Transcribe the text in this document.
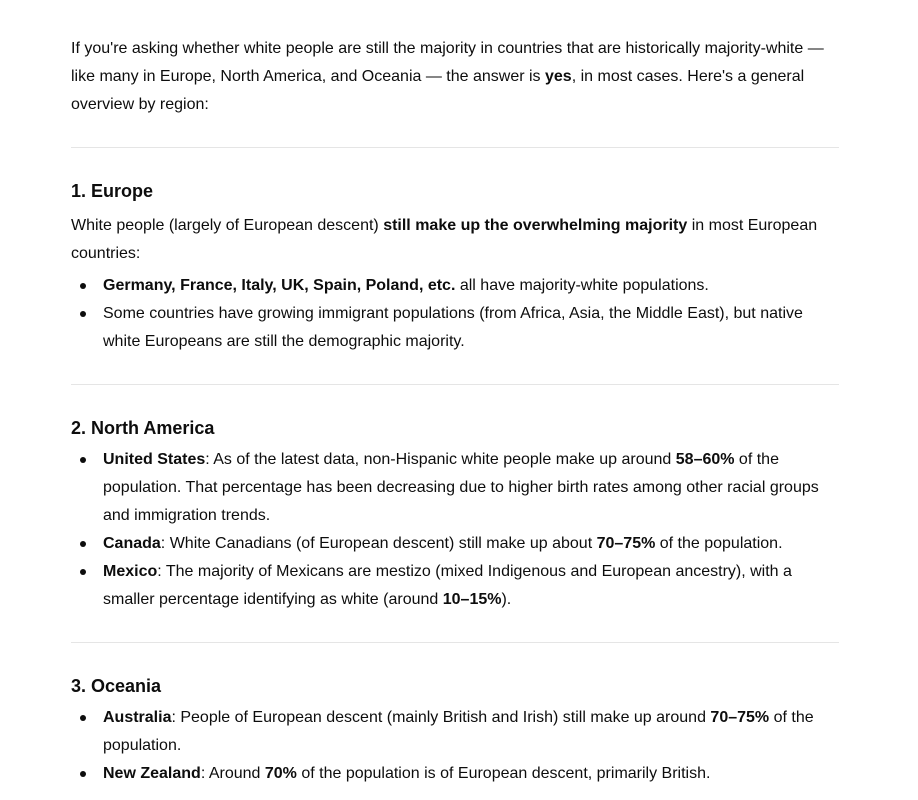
If you're asking whether white people are still the majority in countries that are historically majority-white — like many in Europe, North America, and Oceania — the answer is yes, in most cases. Here's a general overview by region:

1. Europe

White people (largely of European descent) still make up the overwhelming majority in most European countries:

Germany, France, Italy, UK, Spain, Poland, etc. all have majority-white populations.
Some countries have growing immigrant populations (from Africa, Asia, the Middle East), but native white Europeans are still the demographic majority.
2. North America
United States: As of the latest data, non-Hispanic white people make up around 58–60% of the population. That percentage has been decreasing due to higher birth rates among other racial groups and immigration trends.
Canada: White Canadians (of European descent) still make up about 70–75% of the population.
Mexico: The majority of Mexicans are mestizo (mixed Indigenous and European ancestry), with a smaller percentage identifying as white (around 10–15%).
3. Oceania
Australia: People of European descent (mainly British and Irish) still make up around 70–75% of the population.
New Zealand: Around 70% of the population is of European descent, primarily British.
